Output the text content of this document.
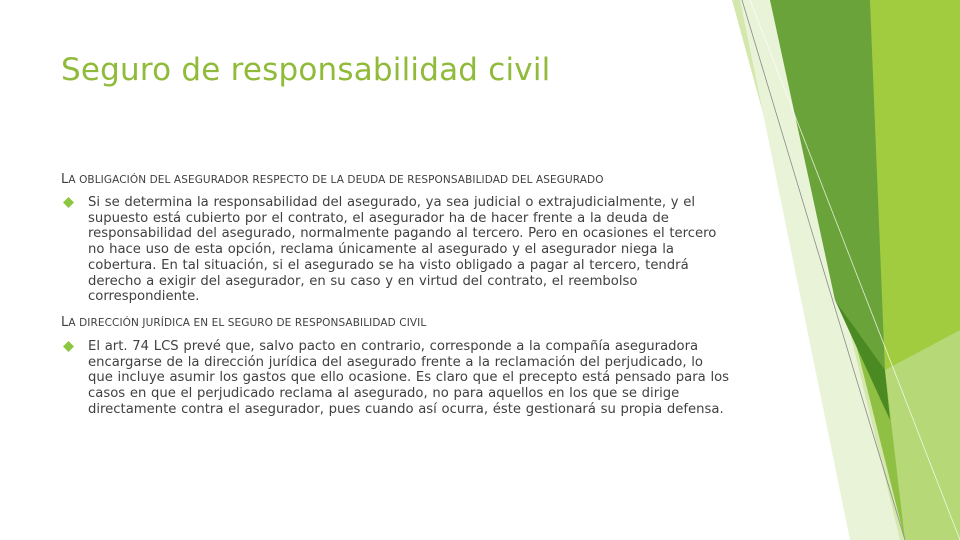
Seguro de responsabilidad civil
LA OBLIGACIÓN DEL ASEGURADOR RESPECTO DE LA DEUDA DE RESPONSABILIDAD DEL ASEGURADO

Si se determina la responsabilidad del asegurado, ya sea judicial o extrajudicialmente, y el supuesto está cubierto por el contrato, el asegurador ha de hacer frente a la deuda de responsabilidad del asegurado, normalmente pagando al tercero. Pero en ocasiones el tercero no hace uso de esta opción, reclama únicamente al asegurado y el asegurador niega la cobertura. En tal situación, si el asegurado se ha visto obligado a pagar al tercero, tendrá derecho a exigir del asegurador, en su caso y en virtud del contrato, el reembolso correspondiente.

LA DIRECCIÓN JURÍDICA EN EL SEGURO DE RESPONSABILIDAD CIVIL

El art. 74 LCS prevé que, salvo pacto en contrario, corresponde a la compañía aseguradora encargarse de la dirección jurídica del asegurado frente a la reclamación del perjudicado, lo que incluye asumir los gastos que ello ocasione. Es claro que el precepto está pensado para los casos en que el perjudicado reclama al asegurado, no para aquellos en los que se dirige directamente contra el asegurador, pues cuando así ocurra, éste gestionará su propia defensa.
